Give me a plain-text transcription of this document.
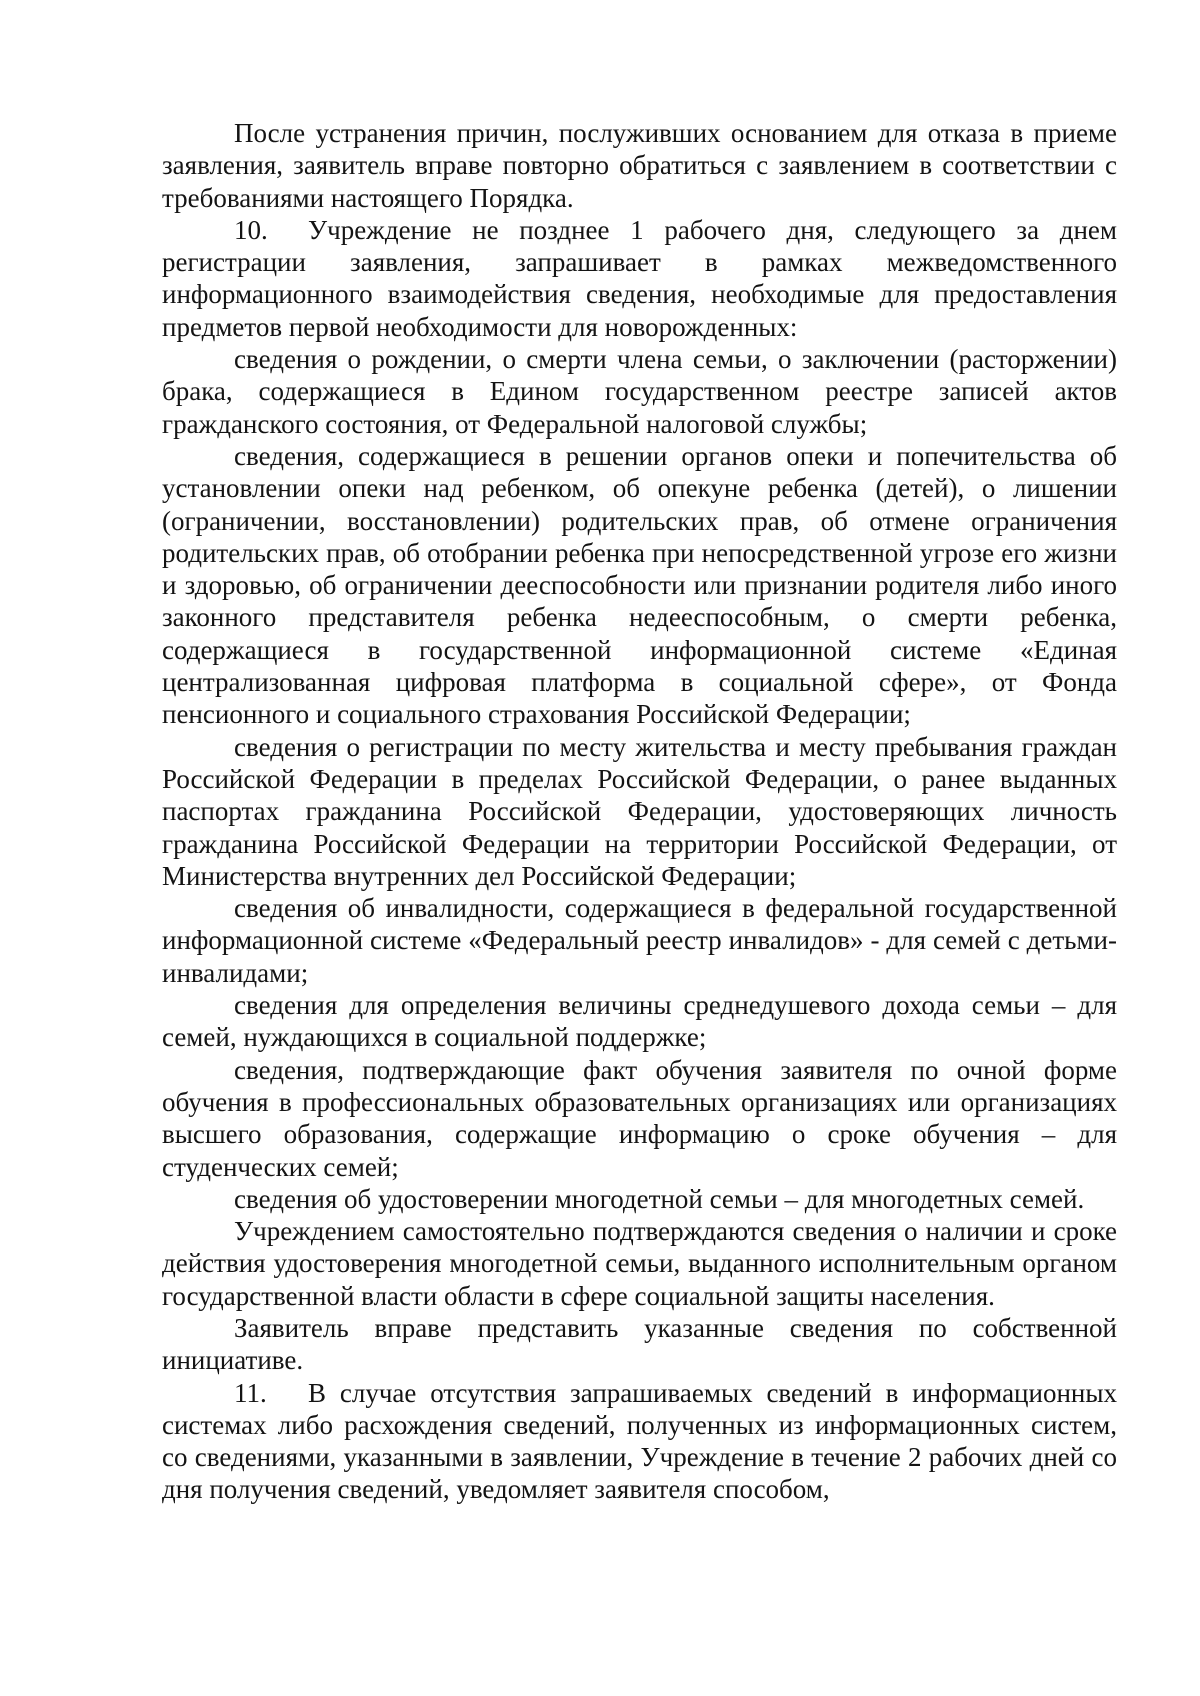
После устранения причин, послуживших основанием для отказа в приеме заявления, заявитель вправе повторно обратиться с заявлением в соответствии с требованиями настоящего Порядка.

10. Учреждение не позднее 1 рабочего дня, следующего за днем регистрации заявления, запрашивает в рамках межведомственного информационного взаимодействия сведения, необходимые для предоставления предметов первой необходимости для новорожденных:

сведения о рождении, о смерти члена семьи, о заключении (расторжении) брака, содержащиеся в Едином государственном реестре записей актов гражданского состояния, от Федеральной налоговой службы;

сведения, содержащиеся в решении органов опеки и попечительства об установлении опеки над ребенком, об опекуне ребенка (детей), о лишении (ограничении, восстановлении) родительских прав, об отмене ограничения родительских прав, об отобрании ребенка при непосредственной угрозе его жизни и здоровью, об ограничении дееспособности или признании родителя либо иного законного представителя ребенка недееспособным, о смерти ребенка, содержащиеся в государственной информационной системе «Единая централизованная цифровая платформа в социальной сфере», от Фонда пенсионного и социального страхования Российской Федерации;

сведения о регистрации по месту жительства и месту пребывания граждан Российской Федерации в пределах Российской Федерации, о ранее выданных паспортах гражданина Российской Федерации, удостоверяющих личность гражданина Российской Федерации на территории Российской Федерации, от Министерства внутренних дел Российской Федерации;

сведения об инвалидности, содержащиеся в федеральной государственной информационной системе «Федеральный реестр инвалидов» - для семей с детьми-инвалидами;

сведения для определения величины среднедушевого дохода семьи – для семей, нуждающихся в социальной поддержке;

сведения, подтверждающие факт обучения заявителя по очной форме обучения в профессиональных образовательных организациях или организациях высшего образования, содержащие информацию о сроке обучения – для студенческих семей;

сведения об удостоверении многодетной семьи – для многодетных семей.

Учреждением самостоятельно подтверждаются сведения о наличии и сроке действия удостоверения многодетной семьи, выданного исполнительным органом государственной власти области в сфере социальной защиты населения.

Заявитель вправе представить указанные сведения по собственной инициативе.

11. В случае отсутствия запрашиваемых сведений в информационных системах либо расхождения сведений, полученных из информационных систем, со сведениями, указанными в заявлении, Учреждение в течение 2 рабочих дней со дня получения сведений, уведомляет заявителя способом,
